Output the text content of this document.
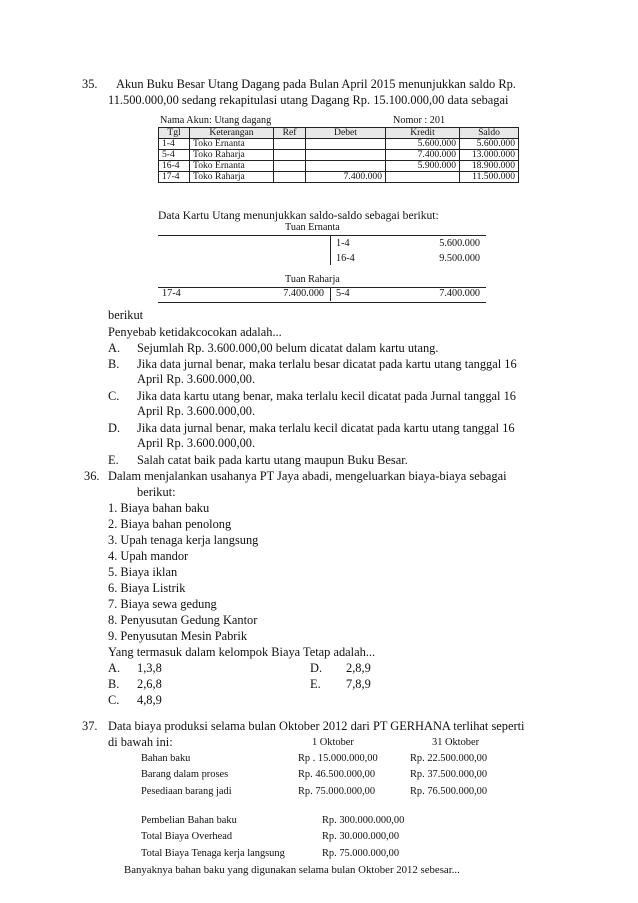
35. Akun Buku Besar Utang Dagang pada Bulan April 2015 menunjukkan saldo Rp.
11.500.000,00 sedang rekapitulasi utang Dagang Rp. 15.100.000,00 data sebagai
Nama Akun: Utang dagang	Nomor : 201
Tgl	Keterangan	Ref	Debet	Kredit	Saldo
1-4	Toko Ernanta			5.600.000	5.600.000
5-4	Toko Raharja			7.400.000	13.000.000
16-4	Toko Ernanta			5.900.000	18.900.000
17-4	Toko Raharja		7.400.000		11.500.000
Data Kartu Utang menunjukkan saldo-saldo sebagai berikut:
Tuan Ernanta
1-4	5.600.000
16-4	9.500.000
Tuan Raharja
17-4	7.400.000 5-4	7.400.000
berikut
Penyebab ketidakcocokan adalah...
A. Sejumlah Rp. 3.600.000,00 belum dicatat dalam kartu utang.
B. Jika data jurnal benar, maka terlalu besar dicatat pada kartu utang tanggal 16
April Rp. 3.600.000,00.
C. Jika data kartu utang benar, maka terlalu kecil dicatat pada Jurnal tanggal 16
April Rp. 3.600.000,00.
D. Jika data jurnal benar, maka terlalu kecil dicatat pada kartu utang tanggal 16
April Rp. 3.600.000,00.
E. Salah catat baik pada kartu utang maupun Buku Besar.
36. Dalam menjalankan usahanya PT Jaya abadi, mengeluarkan biaya-biaya sebagai
berikut:
1. Biaya bahan baku
2. Biaya bahan penolong
3. Upah tenaga kerja langsung
4. Upah mandor
5. Biaya iklan
6. Biaya Listrik
7. Biaya sewa gedung
8. Penyusutan Gedung Kantor
9. Penyusutan Mesin Pabrik
Yang termasuk dalam kelompok Biaya Tetap adalah...
A. 1,3,8
B. 2,6,8
C. 4,8,9
D. 2,8,9
E. 7,8,9
37. Data biaya produksi selama bulan Oktober 2012 dari PT GERHANA terlihat seperti
di bawah ini:	1 Oktober	31 Oktober
Bahan baku	Rp . 15.000.000,00	Rp. 22.500.000,00
Barang dalam proses	Rp. 46.500.000,00	Rp. 37.500.000,00
Pesediaan barang jadi	Rp. 75.000.000,00	Rp. 76.500.000,00
Pembelian Bahan baku	Rp. 300.000.000,00
Total Biaya Overhead	Rp. 30.000.000,00
Total Biaya Tenaga kerja langsung	Rp. 75.000.000,00
Banyaknya bahan baku yang digunakan selama bulan Oktober 2012 sebesar...
